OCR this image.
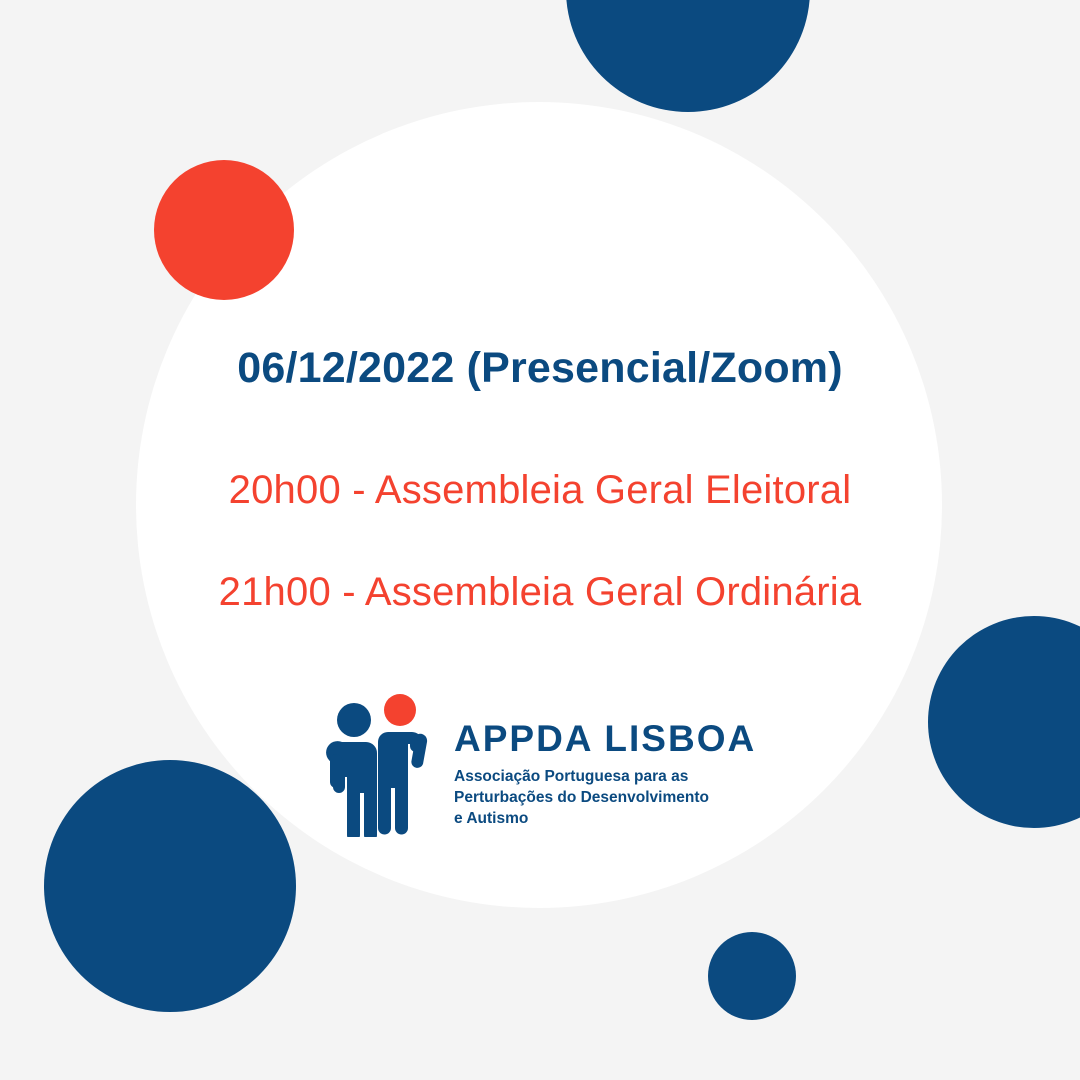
06/12/2022 (Presencial/Zoom)
20h00 - Assembleia Geral Eleitoral
21h00 - Assembleia Geral Ordinária
APPDA LISBOA
Associação Portuguesa para as
Perturbações do Desenvolvimento
e Autismo
